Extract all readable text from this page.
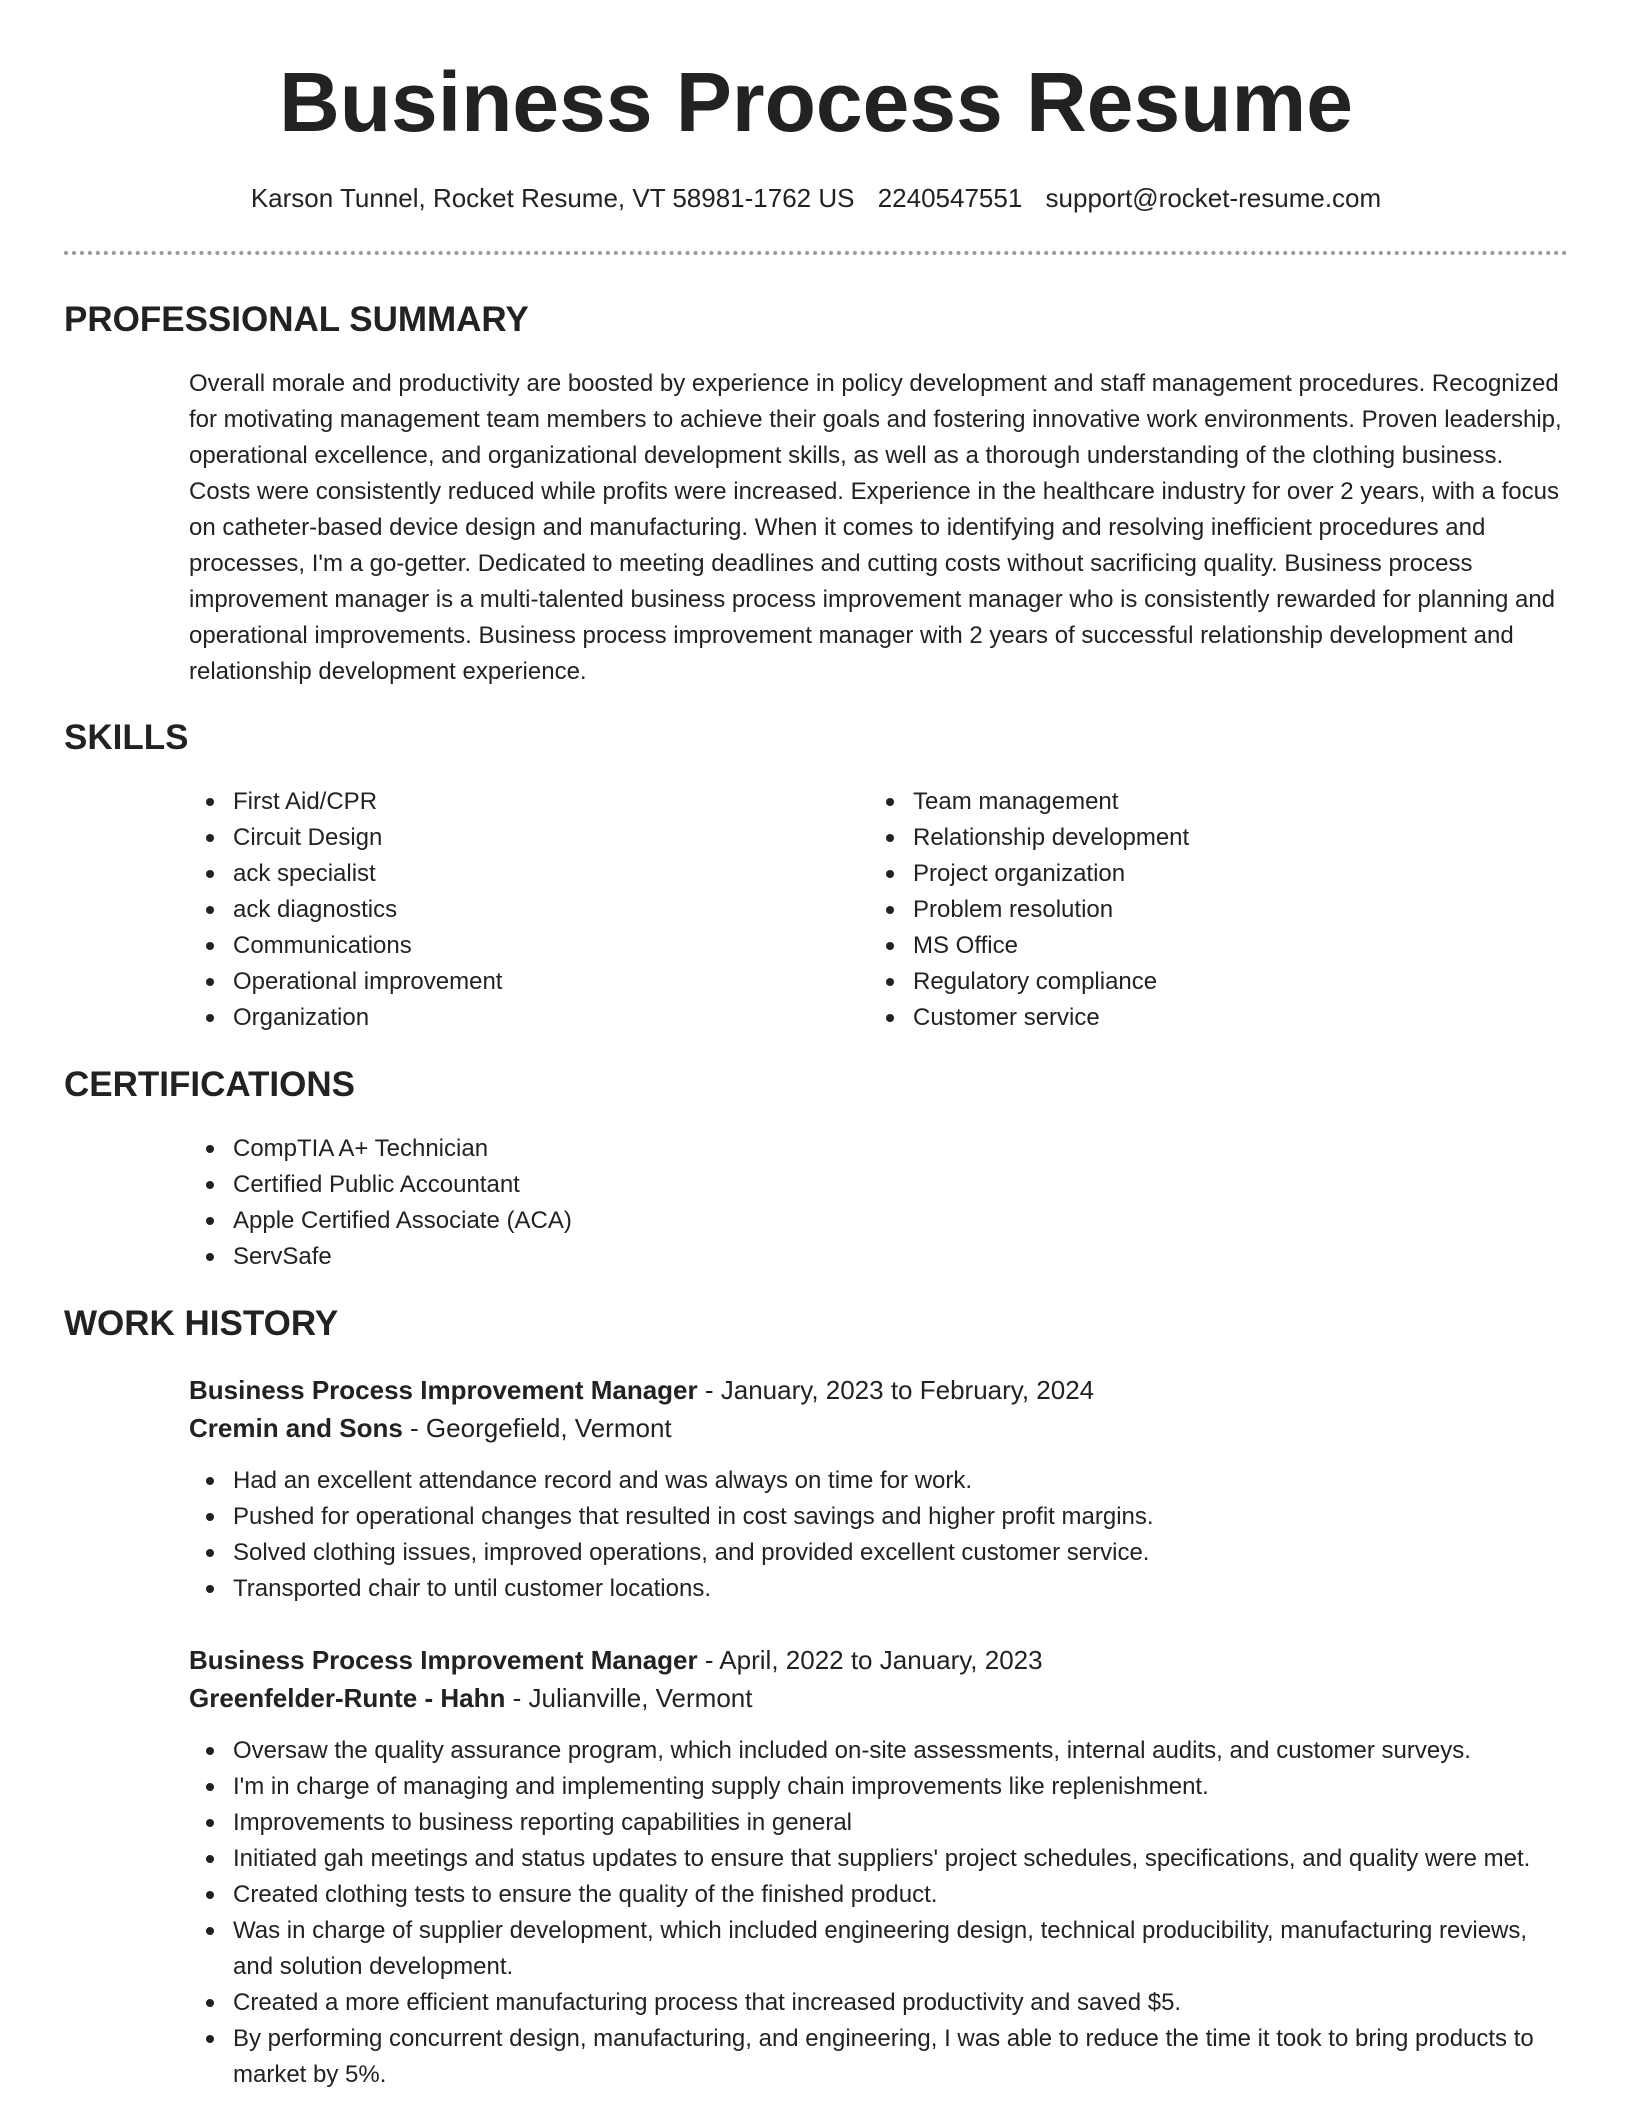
Business Process Resume
Karson Tunnel, Rocket Resume, VT 58981-1762 US 2240547551 support@rocket-resume.com
PROFESSIONAL SUMMARY

Overall morale and productivity are boosted by experience in policy development and staff management procedures. Recognized for motivating management team members to achieve their goals and fostering innovative work environments. Proven leadership, operational excellence, and organizational development skills, as well as a thorough understanding of the clothing business. Costs were consistently reduced while profits were increased. Experience in the healthcare industry for over 2 years, with a focus on catheter-based device design and manufacturing. When it comes to identifying and resolving inefficient procedures and processes, I'm a go-getter. Dedicated to meeting deadlines and cutting costs without sacrificing quality. Business process improvement manager is a multi-talented business process improvement manager who is consistently rewarded for planning and operational improvements. Business process improvement manager with 2 years of successful relationship development and relationship development experience.

SKILLS
First Aid/CPR
Circuit Design
ack specialist
ack diagnostics
Communications
Operational improvement
Organization
Team management
Relationship development
Project organization
Problem resolution
MS Office
Regulatory compliance
Customer service
CERTIFICATIONS
CompTIA A+ Technician
Certified Public Accountant
Apple Certified Associate (ACA)
ServSafe
WORK HISTORY
Business Process Improvement Manager - January, 2023 to February, 2024
Cremin and Sons - Georgefield, Vermont
Had an excellent attendance record and was always on time for work.
Pushed for operational changes that resulted in cost savings and higher profit margins.
Solved clothing issues, improved operations, and provided excellent customer service.
Transported chair to until customer locations.
Business Process Improvement Manager - April, 2022 to January, 2023
Greenfelder-Runte - Hahn - Julianville, Vermont
Oversaw the quality assurance program, which included on-site assessments, internal audits, and customer surveys.
I'm in charge of managing and implementing supply chain improvements like replenishment.
Improvements to business reporting capabilities in general
Initiated gah meetings and status updates to ensure that suppliers' project schedules, specifications, and quality were met.
Created clothing tests to ensure the quality of the finished product.
Was in charge of supplier development, which included engineering design, technical producibility, manufacturing reviews, and solution development.
Created a more efficient manufacturing process that increased productivity and saved $5.
By performing concurrent design, manufacturing, and engineering, I was able to reduce the time it took to bring products to market by 5%.
